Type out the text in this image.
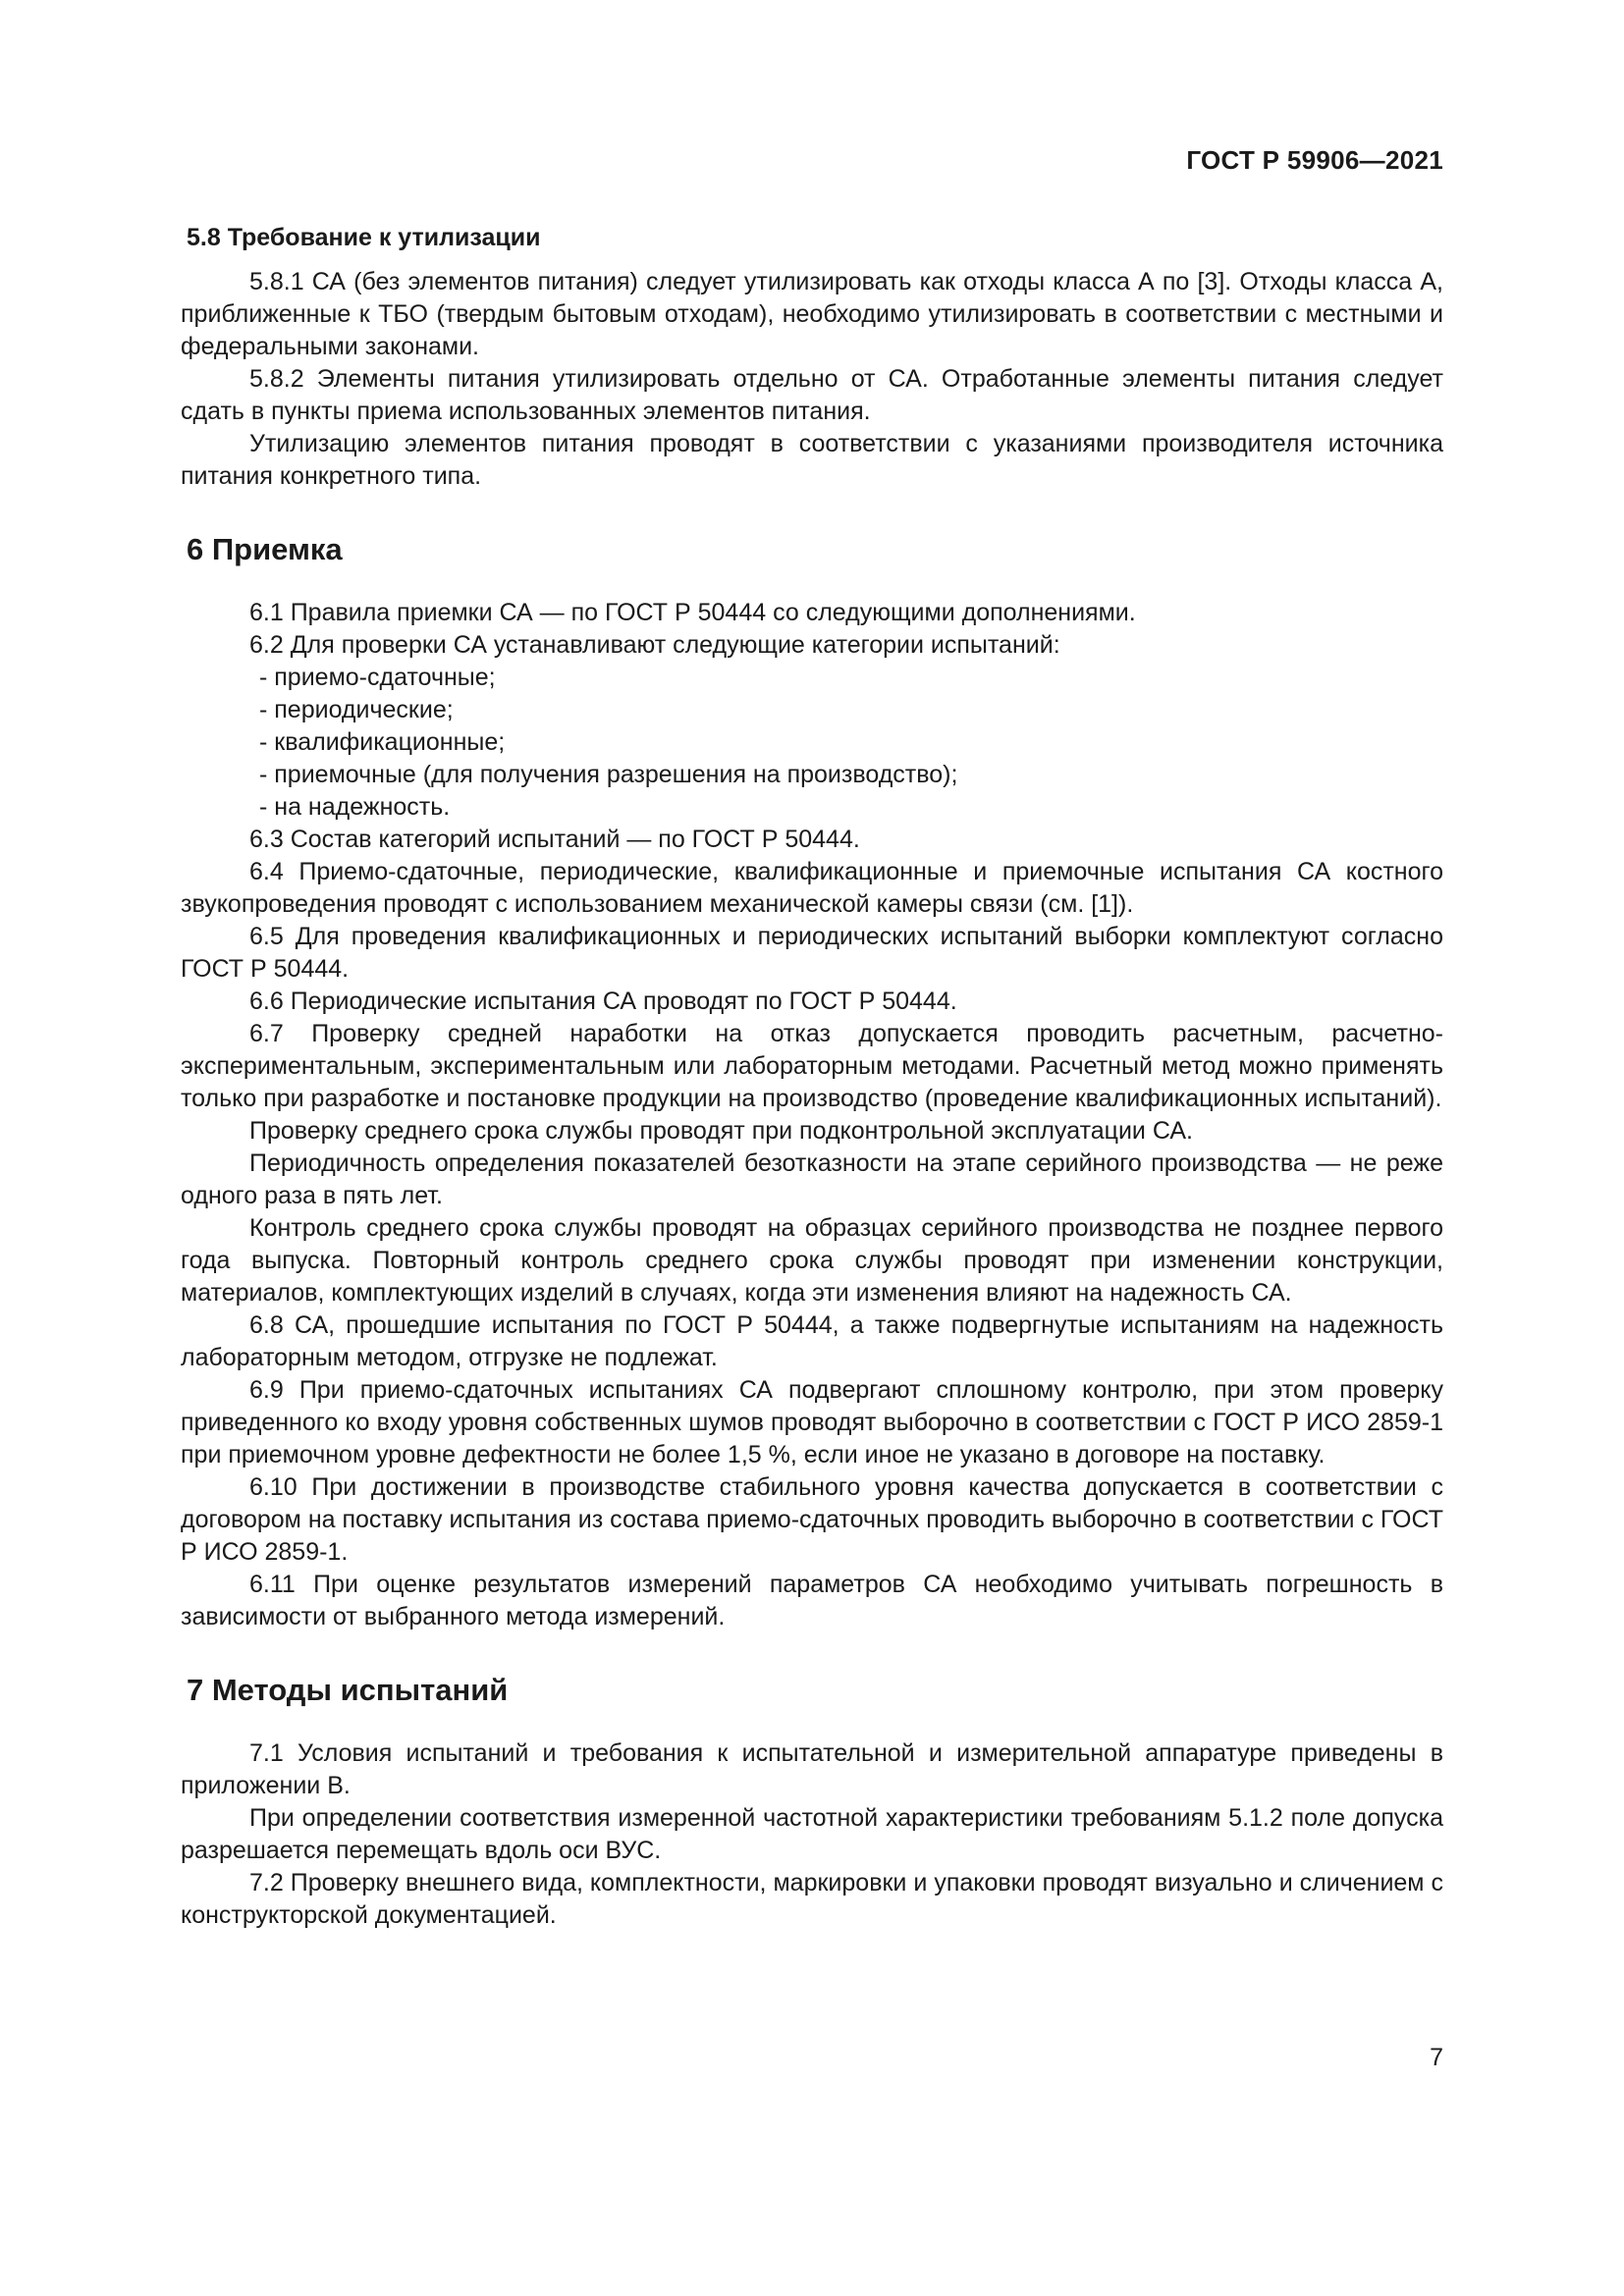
ГОСТ Р 59906—2021
5.8 Требование к утилизации

5.8.1 СА (без элементов питания) следует утилизировать как отходы класса А по [3]. Отходы класса А, приближенные к ТБО (твердым бытовым отходам), необходимо утилизировать в соответствии с местными и федеральными законами.

5.8.2 Элементы питания утилизировать отдельно от СА. Отработанные элементы питания следует сдать в пункты приема использованных элементов питания.

Утилизацию элементов питания проводят в соответствии с указаниями производителя источника питания конкретного типа.

6 Приемка

6.1 Правила приемки СА — по ГОСТ Р 50444 со следующими дополнениями.

6.2 Для проверки СА устанавливают следующие категории испытаний:

- приемо-сдаточные;

- периодические;

- квалификационные;

- приемочные (для получения разрешения на производство);

- на надежность.

6.3 Состав категорий испытаний — по ГОСТ Р 50444.

6.4 Приемо-сдаточные, периодические, квалификационные и приемочные испытания СА костного звукопроведения проводят с использованием механической камеры связи (см. [1]).

6.5 Для проведения квалификационных и периодических испытаний выборки комплектуют согласно ГОСТ Р 50444.

6.6 Периодические испытания СА проводят по ГОСТ Р 50444.

6.7 Проверку средней наработки на отказ допускается проводить расчетным, расчетно-экспериментальным, экспериментальным или лабораторным методами. Расчетный метод можно применять только при разработке и постановке продукции на производство (проведение квалификационных испытаний).

Проверку среднего срока службы проводят при подконтрольной эксплуатации СА.

Периодичность определения показателей безотказности на этапе серийного производства — не реже одного раза в пять лет.

Контроль среднего срока службы проводят на образцах серийного производства не позднее первого года выпуска. Повторный контроль среднего срока службы проводят при изменении конструкции, материалов, комплектующих изделий в случаях, когда эти изменения влияют на надежность СА.

6.8 СА, прошедшие испытания по ГОСТ Р 50444, а также подвергнутые испытаниям на надежность лабораторным методом, отгрузке не подлежат.

6.9 При приемо-сдаточных испытаниях СА подвергают сплошному контролю, при этом проверку приведенного ко входу уровня собственных шумов проводят выборочно в соответствии с ГОСТ Р ИСО 2859-1 при приемочном уровне дефектности не более 1,5 %, если иное не указано в договоре на поставку.

6.10 При достижении в производстве стабильного уровня качества допускается в соответствии с договором на поставку испытания из состава приемо-сдаточных проводить выборочно в соответствии с ГОСТ Р ИСО 2859-1.

6.11 При оценке результатов измерений параметров СА необходимо учитывать погрешность в зависимости от выбранного метода измерений.

7 Методы испытаний

7.1 Условия испытаний и требования к испытательной и измерительной аппаратуре приведены в приложении В.

При определении соответствия измеренной частотной характеристики требованиям 5.1.2 поле допуска разрешается перемещать вдоль оси ВУС.

7.2 Проверку внешнего вида, комплектности, маркировки и упаковки проводят визуально и сличением с конструкторской документацией.

7
